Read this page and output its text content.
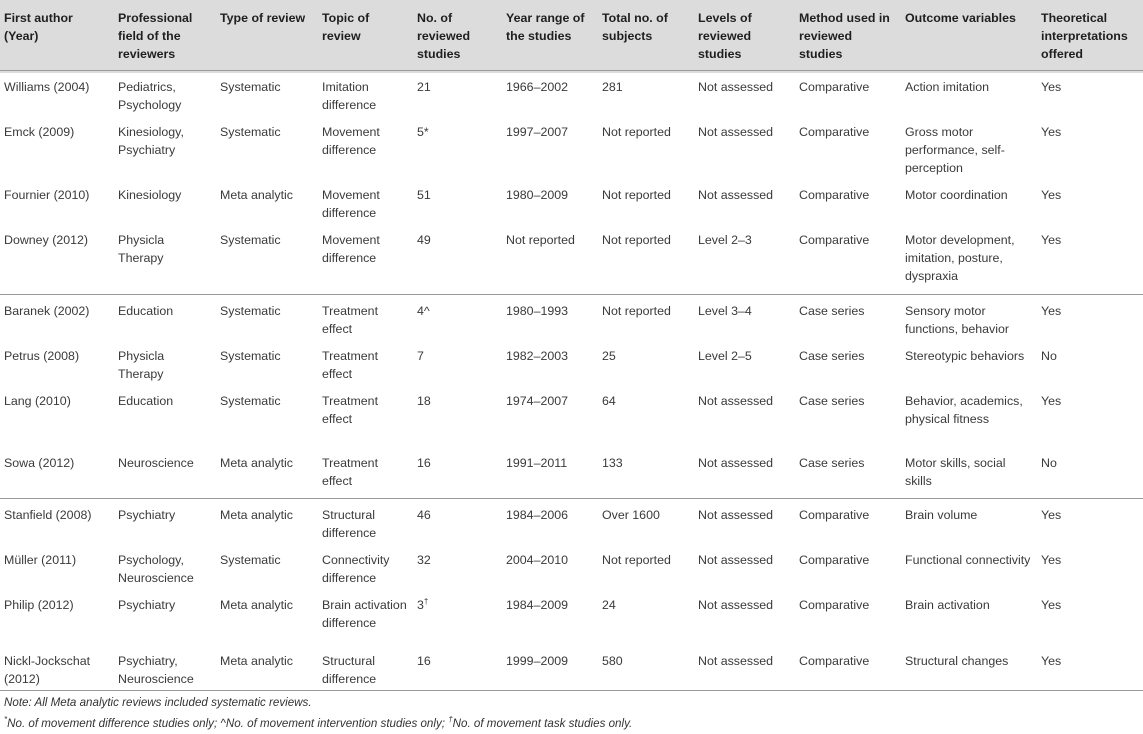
First author (Year)	Professional field of the reviewers	Type of review	Topic of review	No. of reviewed studies	Year range of the studies	Total no. of subjects	Levels of reviewed studies	Method used in reviewed studies	Outcome variables	Theoretical interpretations offered
Williams (2004)	Pediatrics, Psychology	Systematic	Imitation difference	21	1966–2002	281	Not assessed	Comparative	Action imitation	Yes
Emck (2009)	Kinesiology, Psychiatry	Systematic	Movement difference	5*	1997–2007	Not reported	Not assessed	Comparative	Gross motor performance, self-perception	Yes
Fournier (2010)	Kinesiology	Meta analytic	Movement difference	51	1980–2009	Not reported	Not assessed	Comparative	Motor coordination	Yes
Downey (2012)	Physicla Therapy	Systematic	Movement difference	49	Not reported	Not reported	Level 2–3	Comparative	Motor development, imitation, posture, dyspraxia	Yes
Baranek (2002)	Education	Systematic	Treatment effect	4^	1980–1993	Not reported	Level 3–4	Case series	Sensory motor functions, behavior	Yes
Petrus (2008)	Physicla Therapy	Systematic	Treatment effect	7	1982–2003	25	Level 2–5	Case series	Stereotypic behaviors	No
Lang (2010)	Education	Systematic	Treatment effect	18	1974–2007	64	Not assessed	Case series	Behavior, academics, physical fitness	Yes
Sowa (2012)	Neuroscience	Meta analytic	Treatment effect	16	1991–2011	133	Not assessed	Case series	Motor skills, social skills	No
Stanfield (2008)	Psychiatry	Meta analytic	Structural difference	46	1984–2006	Over 1600	Not assessed	Comparative	Brain volume	Yes
Müller (2011)	Psychology, Neuroscience	Systematic	Connectivity difference	32	2004–2010	Not reported	Not assessed	Comparative	Functional connectivity	Yes
Philip (2012)	Psychiatry	Meta analytic	Brain activation difference	3†	1984–2009	24	Not assessed	Comparative	Brain activation	Yes
Nickl-Jockschat (2012)	Psychiatry, Neuroscience	Meta analytic	Structural difference	16	1999–2009	580	Not assessed	Comparative	Structural changes	Yes
Note: All Meta analytic reviews included systematic reviews.
*No. of movement difference studies only; ^No. of movement intervention studies only; †No. of movement task studies only.
